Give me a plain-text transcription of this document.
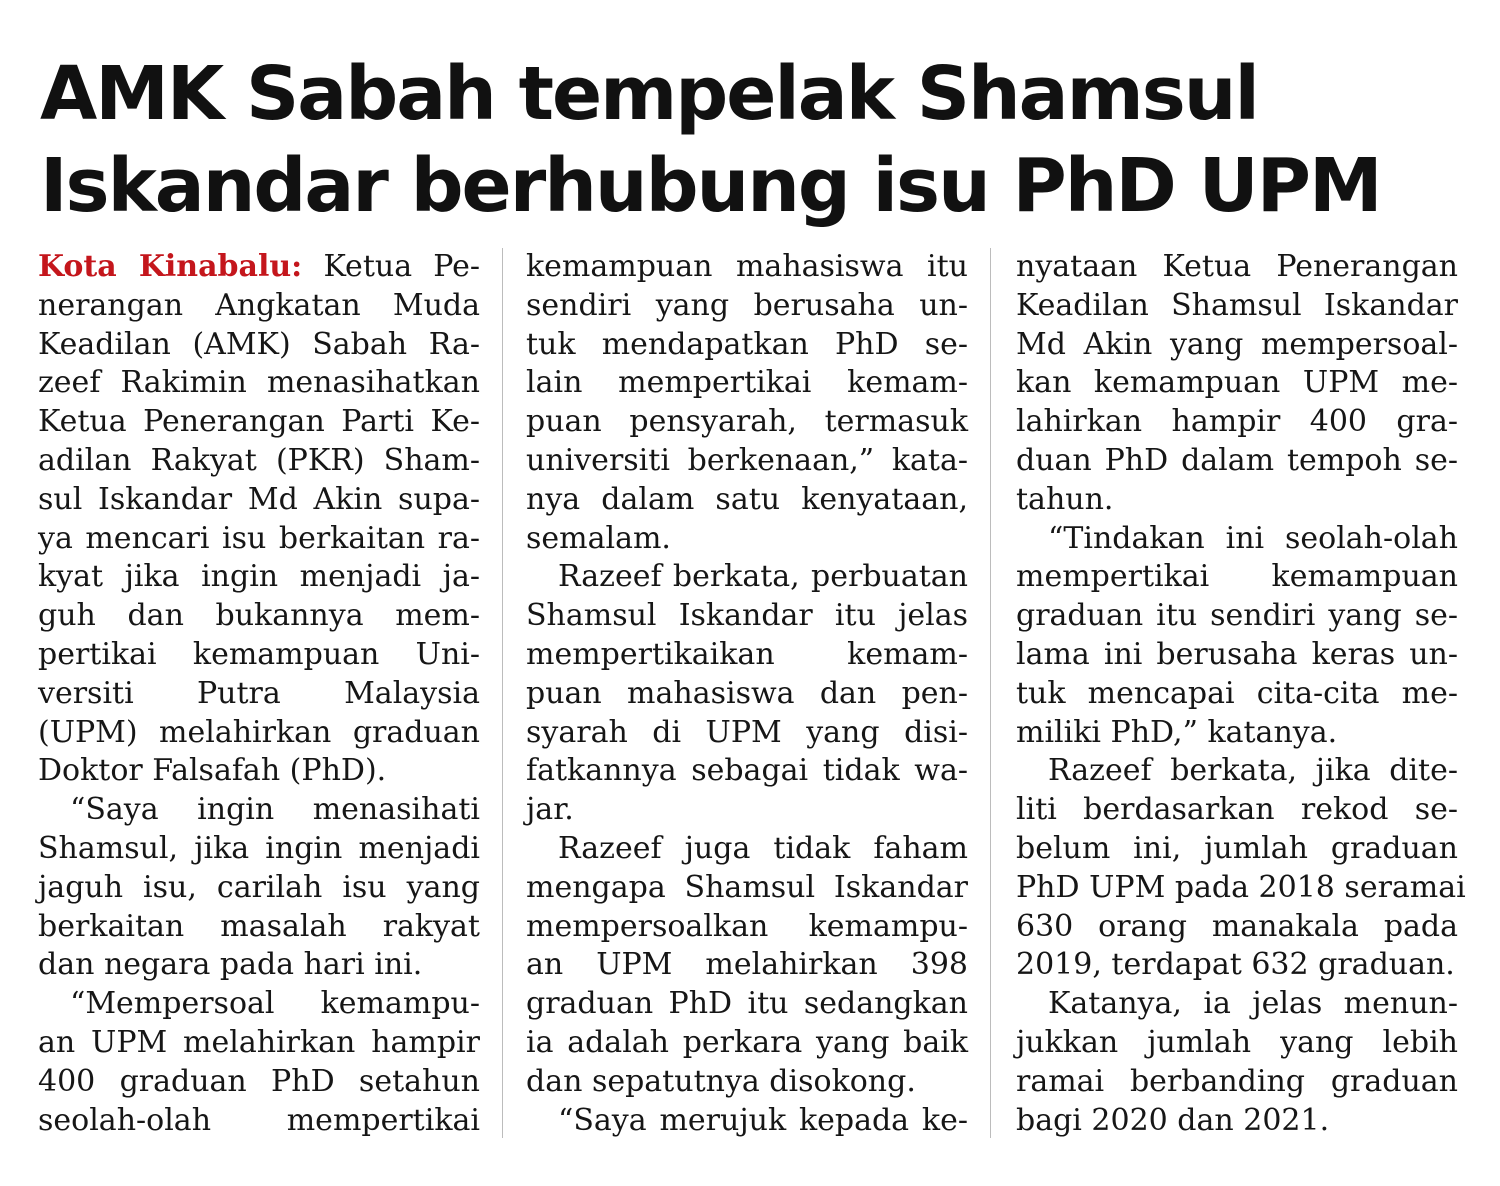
AMK Sabah tempelak Shamsul
Iskandar berhubung isu PhD UPM
Kota Kinabalu: Ketua Pe-
nerangan Angkatan Muda
Keadilan (AMK) Sabah Ra-
zeef Rakimin menasihatkan
Ketua Penerangan Parti Ke-
adilan Rakyat (PKR) Sham-
sul Iskandar Md Akin supa-
ya mencari isu berkaitan ra-
kyat jika ingin menjadi ja-
guh dan bukannya mem-
pertikai kemampuan Uni-
versiti Putra Malaysia
(UPM) melahirkan graduan
Doktor Falsafah (PhD).
“Saya ingin menasihati
Shamsul, jika ingin menjadi
jaguh isu, carilah isu yang
berkaitan masalah rakyat
dan negara pada hari ini.
“Mempersoal kemampu-
an UPM melahirkan hampir
400 graduan PhD setahun
seolah-olah mempertikai
kemampuan mahasiswa itu
sendiri yang berusaha un-
tuk mendapatkan PhD se-
lain mempertikai kemam-
puan pensyarah, termasuk
universiti berkenaan,” kata-
nya dalam satu kenyataan,
semalam.
Razeef berkata, perbuatan
Shamsul Iskandar itu jelas
mempertikaikan kemam-
puan mahasiswa dan pen-
syarah di UPM yang disi-
fatkannya sebagai tidak wa-
jar.
Razeef juga tidak faham
mengapa Shamsul Iskandar
mempersoalkan kemampu-
an UPM melahirkan 398
graduan PhD itu sedangkan
ia adalah perkara yang baik
dan sepatutnya disokong.
“Saya merujuk kepada ke-
nyataan Ketua Penerangan
Keadilan Shamsul Iskandar
Md Akin yang mempersoal-
kan kemampuan UPM me-
lahirkan hampir 400 gra-
duan PhD dalam tempoh se-
tahun.
“Tindakan ini seolah-olah
mempertikai kemampuan
graduan itu sendiri yang se-
lama ini berusaha keras un-
tuk mencapai cita-cita me-
miliki PhD,” katanya.
Razeef berkata, jika dite-
liti berdasarkan rekod se-
belum ini, jumlah graduan
PhD UPM pada 2018 seramai
630 orang manakala pada
2019, terdapat 632 graduan.
Katanya, ia jelas menun-
jukkan jumlah yang lebih
ramai berbanding graduan
bagi 2020 dan 2021.
